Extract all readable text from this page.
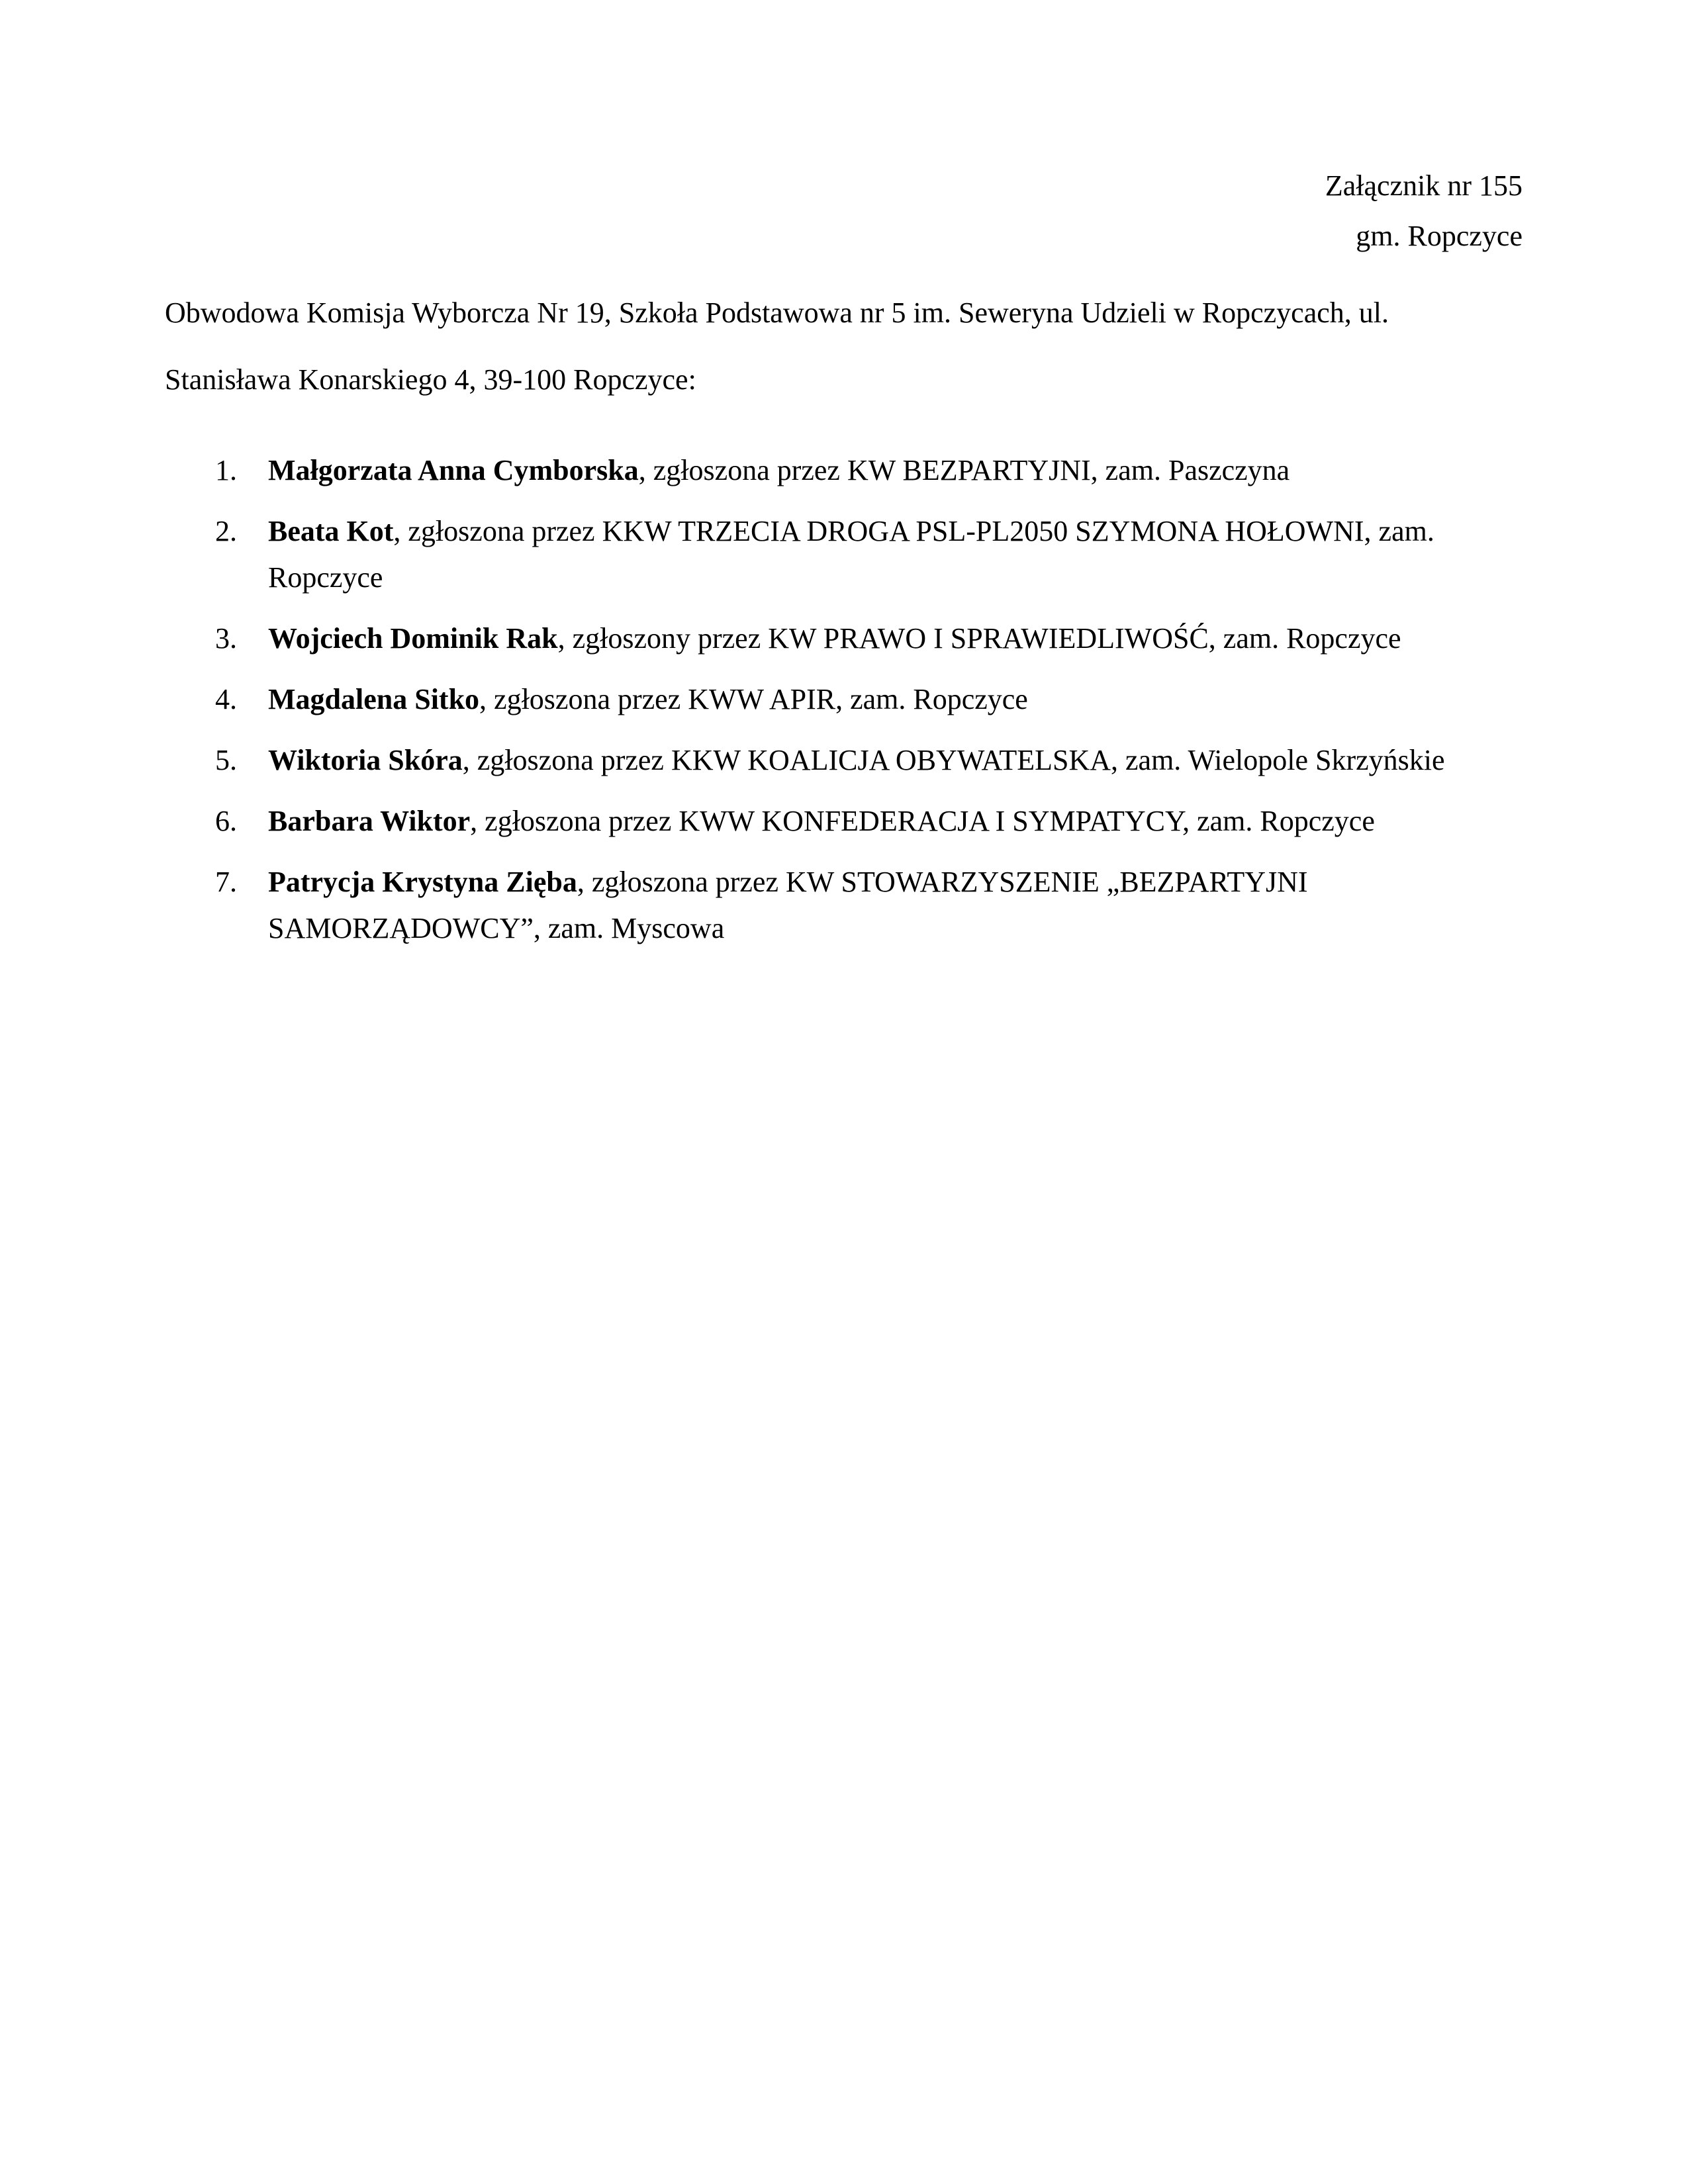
Załącznik nr 155
gm. Ropczyce
Obwodowa Komisja Wyborcza Nr 19, Szkoła Podstawowa nr 5 im. Seweryna Udzieli w Ropczycach, ul. Stanisława Konarskiego 4, 39-100 Ropczyce:
1. Małgorzata Anna Cymborska, zgłoszona przez KW BEZPARTYJNI, zam. Paszczyna
2. Beata Kot, zgłoszona przez KKW TRZECIA DROGA PSL-PL2050 SZYMONA HOŁOWNI, zam. Ropczyce
3. Wojciech Dominik Rak, zgłoszony przez KW PRAWO I SPRAWIEDLIWOŚĆ, zam. Ropczyce
4. Magdalena Sitko, zgłoszona przez KWW APIR, zam. Ropczyce
5. Wiktoria Skóra, zgłoszona przez KKW KOALICJA OBYWATELSKA, zam. Wielopole Skrzyńskie
6. Barbara Wiktor, zgłoszona przez KWW KONFEDERACJA I SYMPATYCY, zam. Ropczyce
7. Patrycja Krystyna Zięba, zgłoszona przez KW STOWARZYSZENIE „BEZPARTYJNI SAMORZĄDOWCY”, zam. Myscowa
